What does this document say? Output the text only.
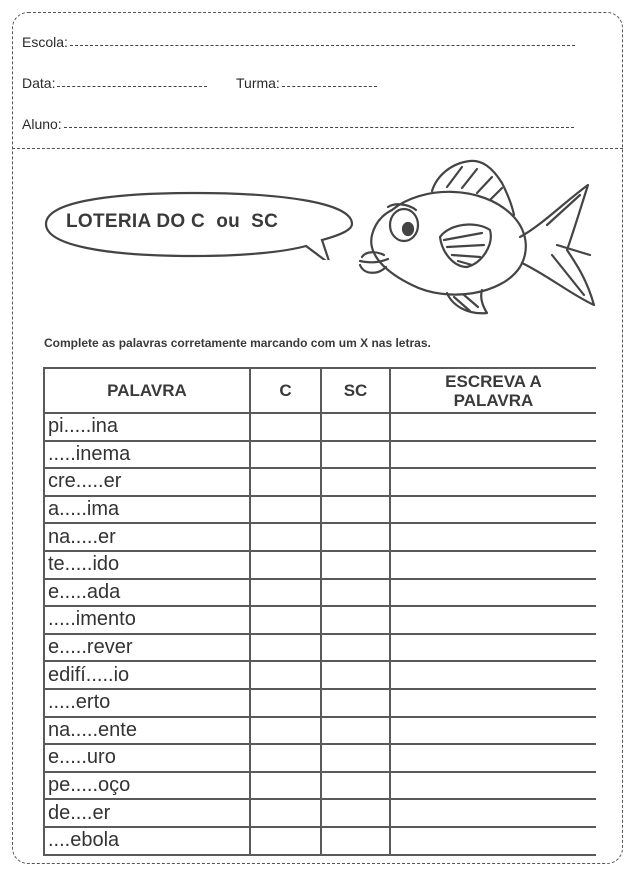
Escola:
Data:	Turma:
Aluno:
LOTERIA DO C  ou  SC
Complete as palavras corretamente marcando com um X nas letras.
PALAVRA	C	SC	ESCREVA A PALAVRA
pi.....ina			
.....inema			
cre.....er			
a.....ima			
na.....er			
te.....ido			
e.....ada			
.....imento			
e.....rever			
edifí.....io			
.....erto			
na.....ente			
e.....uro			
pe.....oço			
de....er			
....ebola			
